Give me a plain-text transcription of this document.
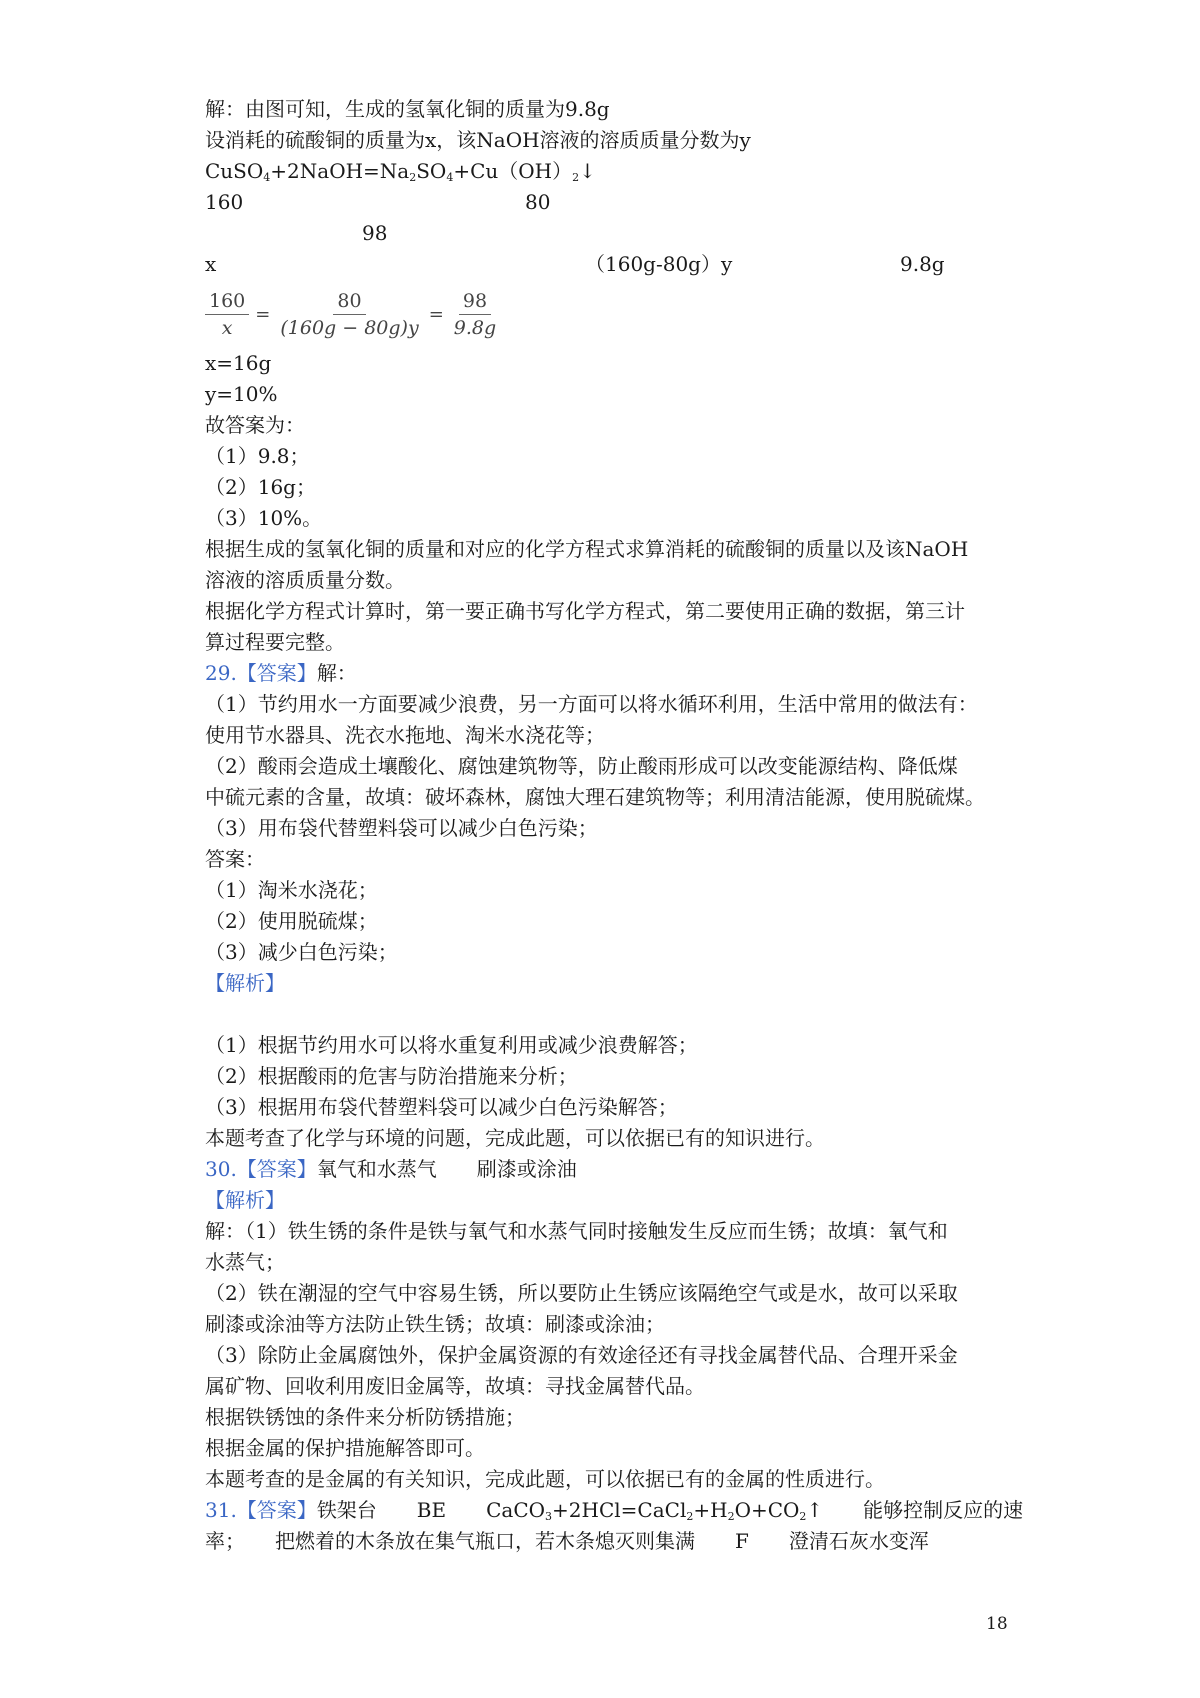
解：由图可知，生成的氢氧化铜的质量为9.8g
设消耗的硫酸铜的质量为x，该NaOH溶液的溶质质量分数为y
$CuSO_4+2NaOH=Na_2SO_4+Cu(OH)_2↓$
160	80
98
x	（160g-80g）y	9.8g
$\frac{160}{x} = \frac{80}{(160g - 80g)y} = \frac{98}{9.8g}$
x=16g
y=10%
故答案为：
（1）9.8；
（2）16g；
（3）10%。
根据生成的氢氧化铜的质量和对应的化学方程式求算消耗的硫酸铜的质量以及该NaOH
溶液的溶质质量分数。
根据化学方程式计算时，第一要正确书写化学方程式，第二要使用正确的数据，第三计
算过程要完整。
29.【答案】解：
（1）节约用水一方面要减少浪费，另一方面可以将水循环利用，生活中常用的做法有：
使用节水器具、洗衣水拖地、淘米水浇花等；
（2）酸雨会造成土壤酸化、腐蚀建筑物等，防止酸雨形成可以改变能源结构、降低煤
中硫元素的含量，故填：破坏森林，腐蚀大理石建筑物等；利用清洁能源，使用脱硫煤。
（3）用布袋代替塑料袋可以减少白色污染；
答案：
（1）淘米水浇花；
（2）使用脱硫煤；
（3）减少白色污染；
【解析】
（1）根据节约用水可以将水重复利用或减少浪费解答；
（2）根据酸雨的危害与防治措施来分析；
（3）根据用布袋代替塑料袋可以减少白色污染解答；
本题考查了化学与环境的问题，完成此题，可以依据已有的知识进行。
30.【答案】氧气和水蒸气　　刷漆或涂油
【解析】
解：（1）铁生锈的条件是铁与氧气和水蒸气同时接触发生反应而生锈；故填：氧气和
水蒸气；
（2）铁在潮湿的空气中容易生锈，所以要防止生锈应该隔绝空气或是水，故可以采取
刷漆或涂油等方法防止铁生锈；故填：刷漆或涂油；
（3）除防止金属腐蚀外，保护金属资源的有效途径还有寻找金属替代品、合理开采金
属矿物、回收利用废旧金属等，故填：寻找金属替代品。
根据铁锈蚀的条件来分析防锈措施；
根据金属的保护措施解答即可。
本题考查的是金属的有关知识，完成此题，可以依据已有的金属的性质进行。
31.【答案】铁架台　　BE　　$CaCO_3+2HCl=CaCl_2+H_2O+CO_2↑$　　能够控制反应的速
率；　　把燃着的木条放在集气瓶口，若木条熄灭则集满　　F　　澄清石灰水变浑
18
